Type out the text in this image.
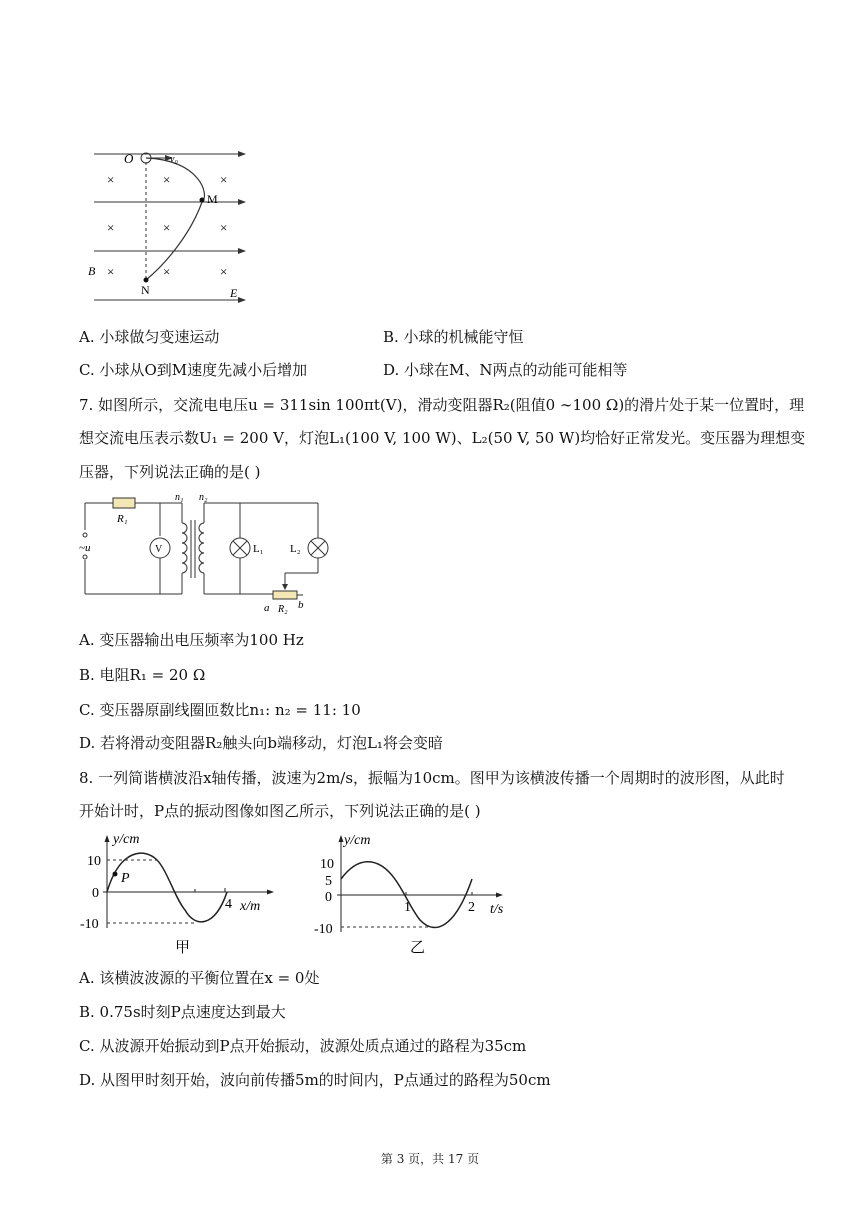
×	×	×
×	×	×
×	×	×
O	v₀
M
N
B
E
A. 小球做匀变速运动	B. 小球的机械能守恒
C. 小球从O到M速度先减小后增加	D. 小球在M、N两点的动能可能相等
7. 如图所示，交流电电压u = 311sin 100πt(V)，滑动变阻器R₂(阻值0 ∼100 Ω)的滑片处于某一位置时，理
想交流电压表示数U₁ = 200 V，灯泡L₁(100 V, 100 W)、L₂(50 V, 50 W)均恰好正常发光。变压器为理想变
压器，下列说法正确的是( )
R₁
n₁ n₂
~u	V	L₁ L₂
a R₂ b
A. 变压器输出电压频率为100 Hz
B. 电阻R₁ = 20 Ω
C. 变压器原副线圈匝数比n₁: n₂ = 11: 10
D. 若将滑动变阻器R₂触头向b端移动，灯泡L₁将会变暗
8. 一列简谐横波沿x轴传播，波速为2m/s，振幅为10cm。图甲为该横波传播一个周期时的波形图，从此时
开始计时，P点的振动图像如图乙所示，下列说法正确的是( )
y/cm
10
0
-10
4 x/m
P
甲
y/cm
10
5
0
-10
1	2 t/s
乙
A. 该横波波源的平衡位置在x = 0处
B. 0.75s时刻P点速度达到最大
C. 从波源开始振动到P点开始振动，波源处质点通过的路程为35cm
D. 从图甲时刻开始，波向前传播5m的时间内，P点通过的路程为50cm
第 3 页，共 17 页
